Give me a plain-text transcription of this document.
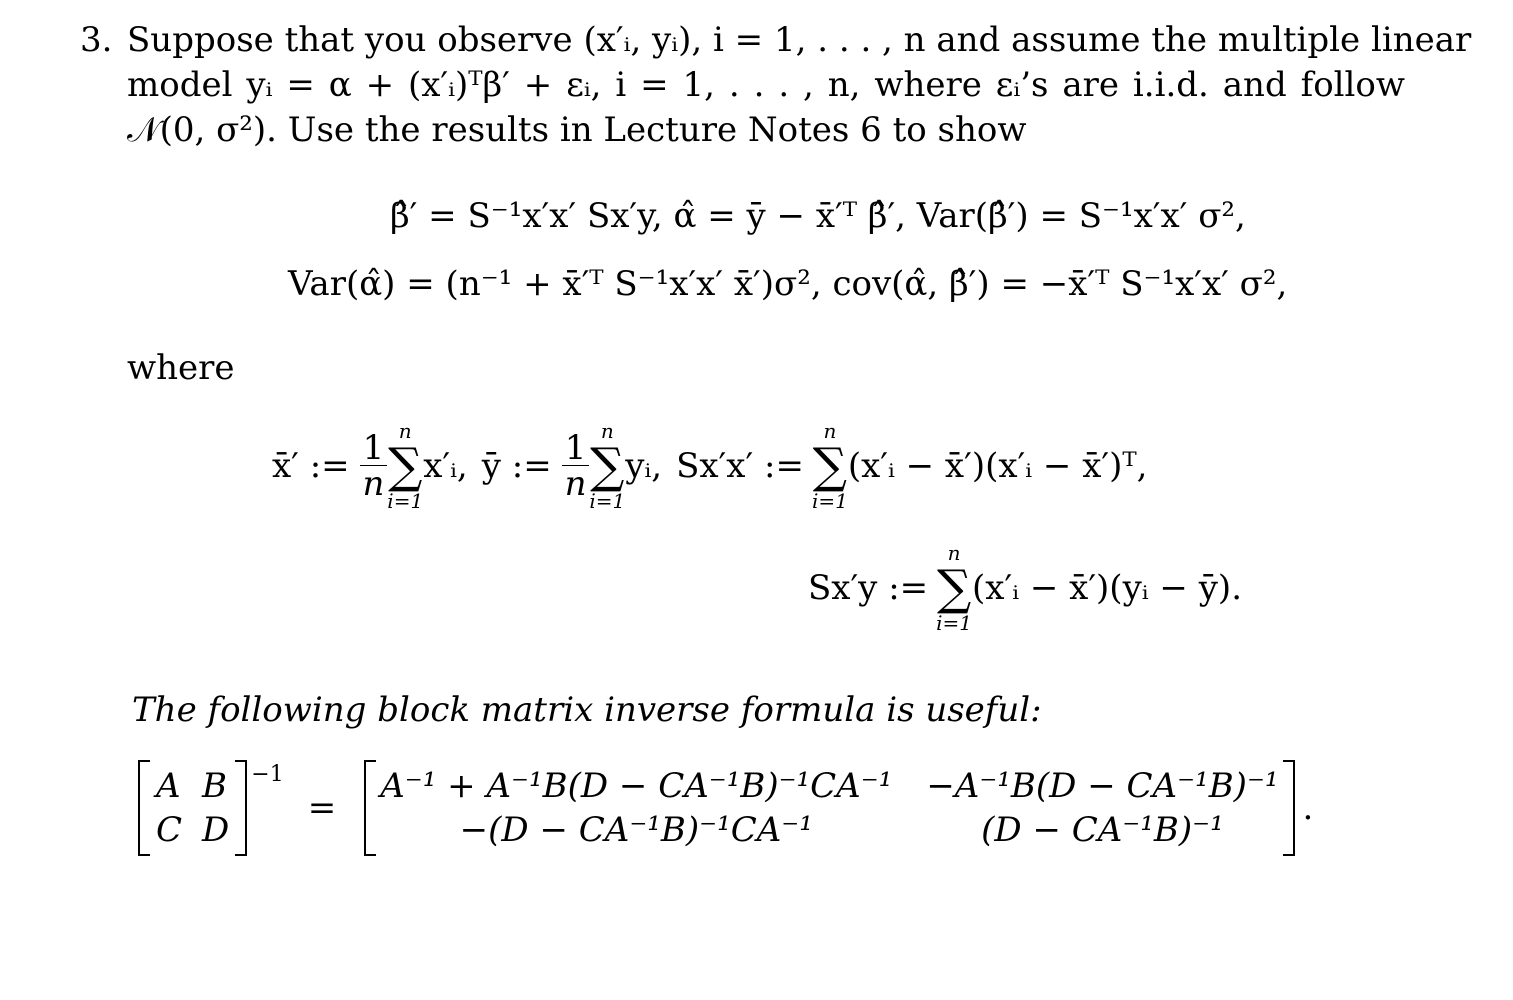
3. Suppose that you observe (x′ᵢ, yᵢ), i = 1, . . . , n and assume the multiple linear
model yᵢ = α + (x′ᵢ)ᵀβ′ + εᵢ, i = 1, . . . , n, where εᵢ’s are i.i.d. and follow
𝒩(0, σ²). Use the results in Lecture Notes 6 to show
β̂′ = S⁻¹x′x′ Sx′y, α̂ = ȳ − x̄′ᵀ β̂′, Var(β̂′) = S⁻¹x′x′ σ²,
Var(α̂) = (n⁻¹ + x̄′ᵀ S⁻¹x′x′ x̄′)σ², cov(α̂, β̂′) = −x̄′ᵀ S⁻¹x′x′ σ²,
where
x̄′ := $\frac{1}{n}$ n
∑
i=1
x′ᵢ, ȳ := $\frac{1}{n}$ n
∑
i=1
yᵢ, Sx′x′ :=
n
∑
i=1
(x′ᵢ − x̄′)(x′ᵢ − x̄′)ᵀ,
Sx′y :=
n
∑
i=1
(x′ᵢ − x̄′)(yᵢ − ȳ).
The following block matrix inverse formula is useful:
A B
C D
−1
=
A⁻¹ + A⁻¹B(D − CA⁻¹B)⁻¹CA⁻¹ −A⁻¹B(D − CA⁻¹B)⁻¹
−(D − CA⁻¹B)⁻¹CA⁻¹	(D − CA⁻¹B)⁻¹
.
